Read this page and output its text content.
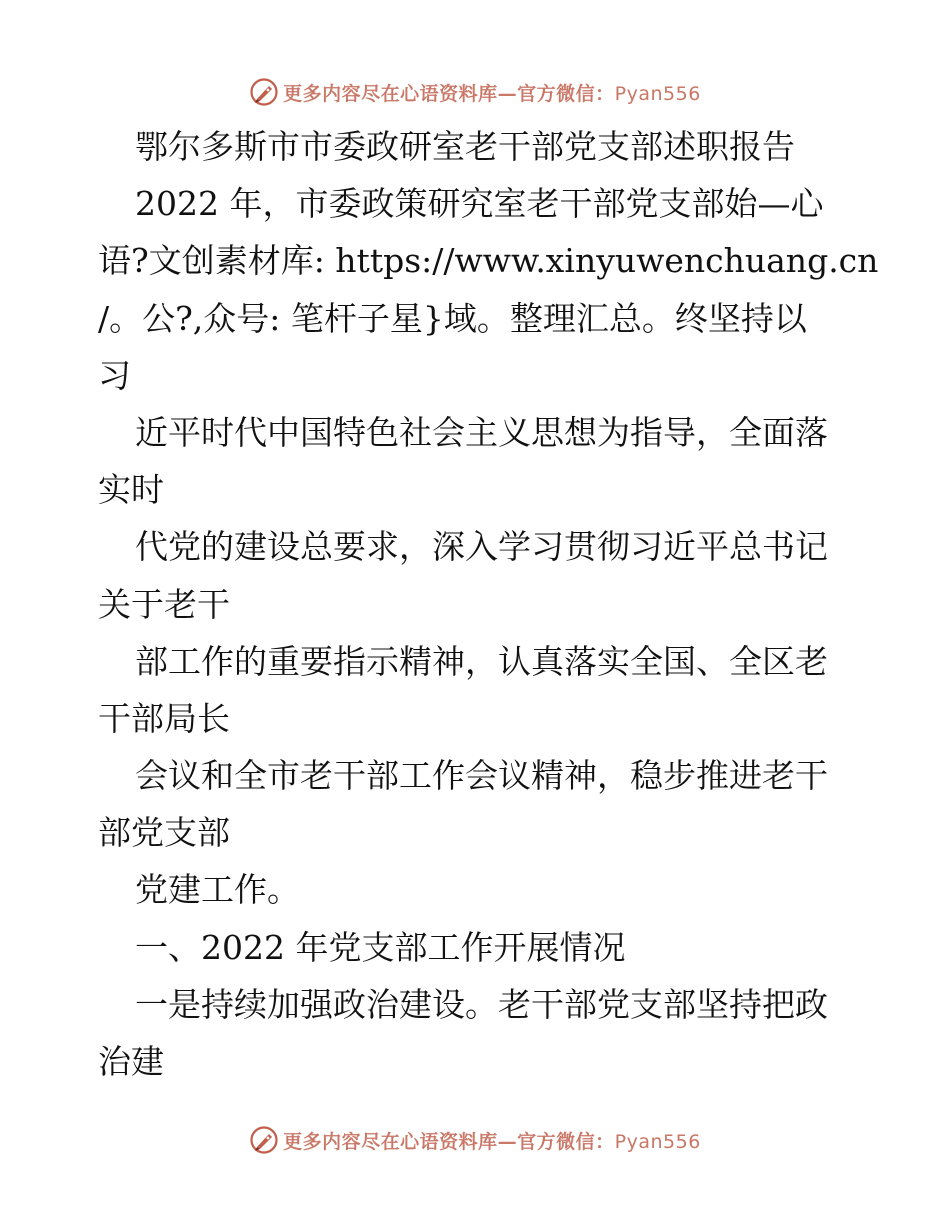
更多内容尽在心语资料库—官方微信：Pyan556
鄂尔多斯市市委政研室老干部党支部述职报告
2022 年，市委政策研究室老干部党支部始—心
语?文创素材库: https://www.xinyuwenchuang.cn
/。公?,众号: 笔杆子星}域。整理汇总。终坚持以
习
近平时代中国特色社会主义思想为指导，全面落
实时
代党的建设总要求，深入学习贯彻习近平总书记
关于老干
部工作的重要指示精神，认真落实全国、全区老
干部局长
会议和全市老干部工作会议精神，稳步推进老干
部党支部
党建工作。
一、2022 年党支部工作开展情况
一是持续加强政治建设。老干部党支部坚持把政
治建
更多内容尽在心语资料库—官方微信：Pyan556
